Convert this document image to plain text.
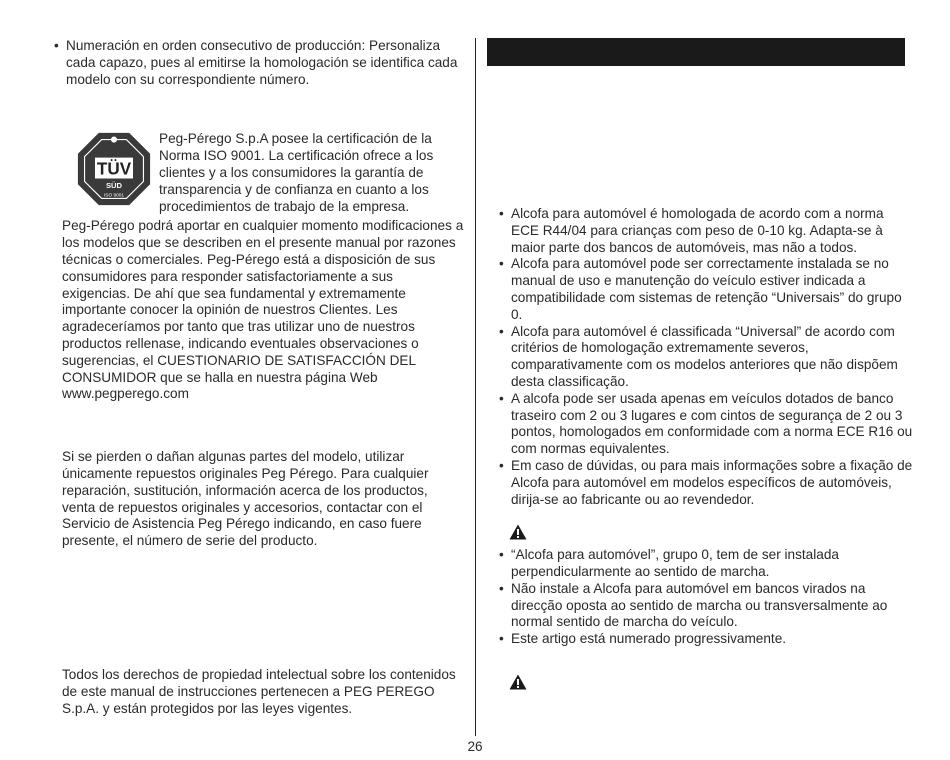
• Numeración en orden consecutivo de producción: Personaliza cada capazo, pues al emitirse la homologación se identifica cada modelo con su correspondiente número.

TÜV
SÜD
ISO 9001

Peg-Pérego S.p.A posee la certificación de la Norma ISO 9001. La certificación ofrece a los clientes y a los consumidores la garantía de transparencia y de confianza en cuanto a los procedimientos de trabajo de la empresa.

Peg-Pérego podrá aportar en cualquier momento modificaciones a los modelos que se describen en el presente manual por razones técnicas o comerciales. Peg-Pérego está a disposición de sus consumidores para responder satisfactoriamente a sus exigencias. De ahí que sea fundamental y extremamente importante conocer la opinión de nuestros Clientes. Les agradeceríamos por tanto que tras utilizar uno de nuestros productos rellenase, indicando eventuales observaciones o sugerencias, el CUESTIONARIO DE SATISFACCIÓN DEL CONSUMIDOR que se halla en nuestra página Web www.pegperego.com

Si se pierden o dañan algunas partes del modelo, utilizar únicamente repuestos originales Peg Pérego. Para cualquier reparación, sustitución, información acerca de los productos, venta de repuestos originales y accesorios, contactar con el Servicio de Asistencia Peg Pérego indicando, en caso fuere presente, el número de serie del producto.

Todos los derechos de propiedad intelectual sobre los contenidos de este manual de instrucciones pertenecen a PEG PEREGO S.p.A. y están protegidos por las leyes vigentes.

• Alcofa para automóvel é homologada de acordo com a norma ECE R44/04 para crianças com peso de 0-10 kg. Adapta-se à maior parte dos bancos de automóveis, mas não a todos.

• Alcofa para automóvel pode ser correctamente instalada se no manual de uso e manutenção do veículo estiver indicada a compatibilidade com sistemas de retenção “Universais” do grupo 0.

• Alcofa para automóvel é classificada “Universal” de acordo com critérios de homologação extremamente severos, comparativamente com os modelos anteriores que não dispõem desta classificação.

• A alcofa pode ser usada apenas em veículos dotados de banco traseiro com 2 ou 3 lugares e com cintos de segurança de 2 ou 3 pontos, homologados em conformidade com a norma ECE R16 ou com normas equivalentes.

• Em caso de dúvidas, ou para mais informações sobre a fixação de Alcofa para automóvel em modelos específicos de automóveis, dirija-se ao fabricante ou ao revendedor.

• “Alcofa para automóvel”, grupo 0, tem de ser instalada perpendicularmente ao sentido de marcha.

• Não instale a Alcofa para automóvel em bancos virados na direcção oposta ao sentido de marcha ou transversalmente ao normal sentido de marcha do veículo.

• Este artigo está numerado progressivamente.

26
